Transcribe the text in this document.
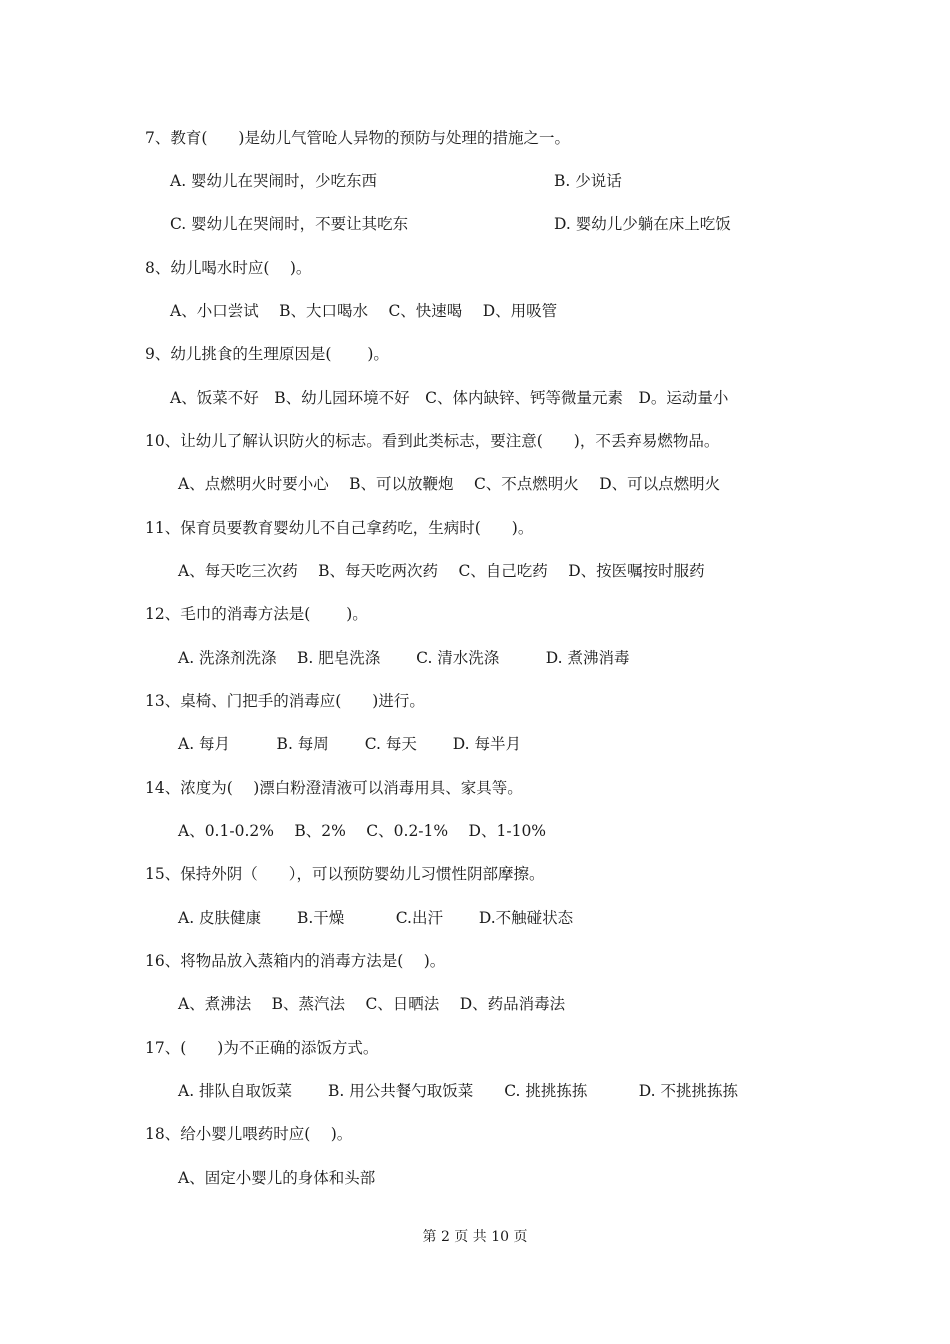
7、教育(　　)是幼儿气管呛人异物的预防与处理的措施之一。
A. 婴幼儿在哭闹时，少吃东西	B. 少说话
C. 婴幼儿在哭闹时，不要让其吃东	D. 婴幼儿少躺在床上吃饭
8、幼儿喝水时应(　 )。
A、小口尝试　 B、大口喝水　 C、快速喝　 D、用吸管
9、幼儿挑食的生理原因是(　　 )。
A、饭菜不好　B、幼儿园环境不好　C、体内缺锌、钙等微量元素　D。运动量小
10、让幼儿了解认识防火的标志。看到此类标志，要注意(　　)，不丢弃易燃物品。
A、点燃明火时要小心　 B、可以放鞭炮　 C、不点燃明火　 D、可以点燃明火
11、保育员要教育婴幼儿不自己拿药吃，生病时(　　)。
A、每天吃三次药　 B、每天吃两次药　 C、自己吃药　 D、按医嘱按时服药
12、毛巾的消毒方法是(　　 )。
A. 洗涤剂洗涤　 B. 肥皂洗涤　　 C. 清水洗涤　　　D. 煮沸消毒
13、桌椅、门把手的消毒应(　　)进行。
A. 每月　　　B. 每周　　 C. 每天　　 D. 每半月
14、浓度为(　 )漂白粉澄清液可以消毒用具、家具等。
A、0.1-0.2%　 B、2%　 C、0.2-1%　 D、1-10%
15、保持外阴（　　），可以预防婴幼儿习惯性阴部摩擦。
A. 皮肤健康　　 B.干燥　　　 C.出汗　　 D.不触碰状态
16、将物品放入蒸箱内的消毒方法是(　 )。
A、煮沸法　 B、蒸汽法　 C、日晒法　 D、药品消毒法
17、(　　)为不正确的添饭方式。
A. 排队自取饭菜　　 B. 用公共餐勺取饭菜　　C. 挑挑拣拣　　　 D. 不挑挑拣拣
18、给小婴儿喂药时应(　 )。
A、固定小婴儿的身体和头部
第 2 页 共 10 页
